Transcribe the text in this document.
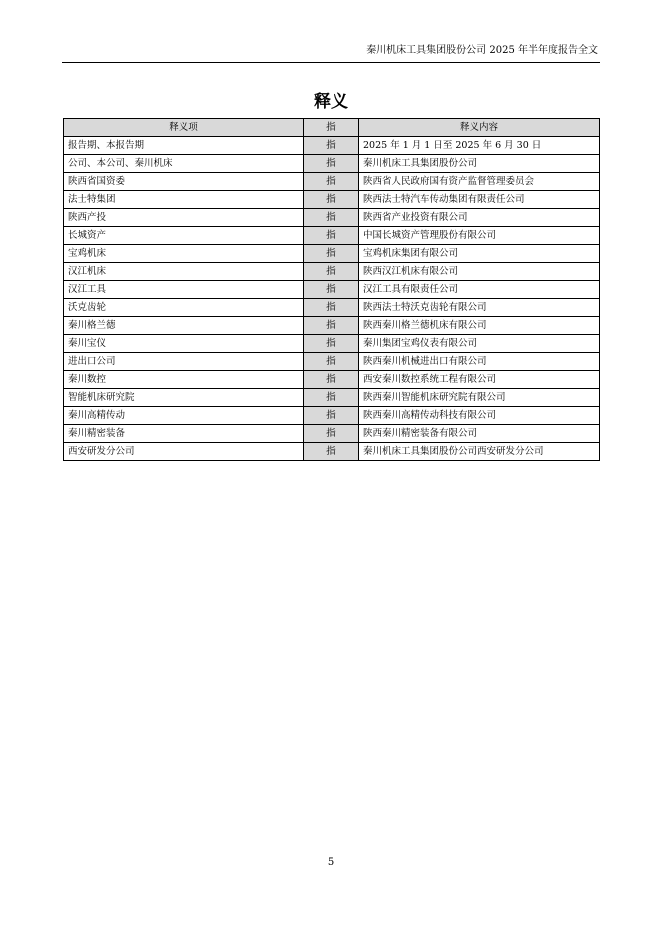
秦川机床工具集团股份公司 2025 年半年度报告全文
释义
释义项	指	释义内容
报告期、本报告期	指	2025 年 1 月 1 日至 2025 年 6 月 30 日
公司、本公司、秦川机床	指	秦川机床工具集团股份公司
陕西省国资委	指	陕西省人民政府国有资产监督管理委员会
法士特集团	指	陕西法士特汽车传动集团有限责任公司
陕西产投	指	陕西省产业投资有限公司
长城资产	指	中国长城资产管理股份有限公司
宝鸡机床	指	宝鸡机床集团有限公司
汉江机床	指	陕西汉江机床有限公司
汉江工具	指	汉江工具有限责任公司
沃克齿轮	指	陕西法士特沃克齿轮有限公司
秦川格兰德	指	陕西秦川格兰德机床有限公司
秦川宝仪	指	秦川集团宝鸡仪表有限公司
进出口公司	指	陕西秦川机械进出口有限公司
秦川数控	指	西安秦川数控系统工程有限公司
智能机床研究院	指	陕西秦川智能机床研究院有限公司
秦川高精传动	指	陕西秦川高精传动科技有限公司
秦川精密装备	指	陕西秦川精密装备有限公司
西安研发分公司	指	秦川机床工具集团股份公司西安研发分公司
5
